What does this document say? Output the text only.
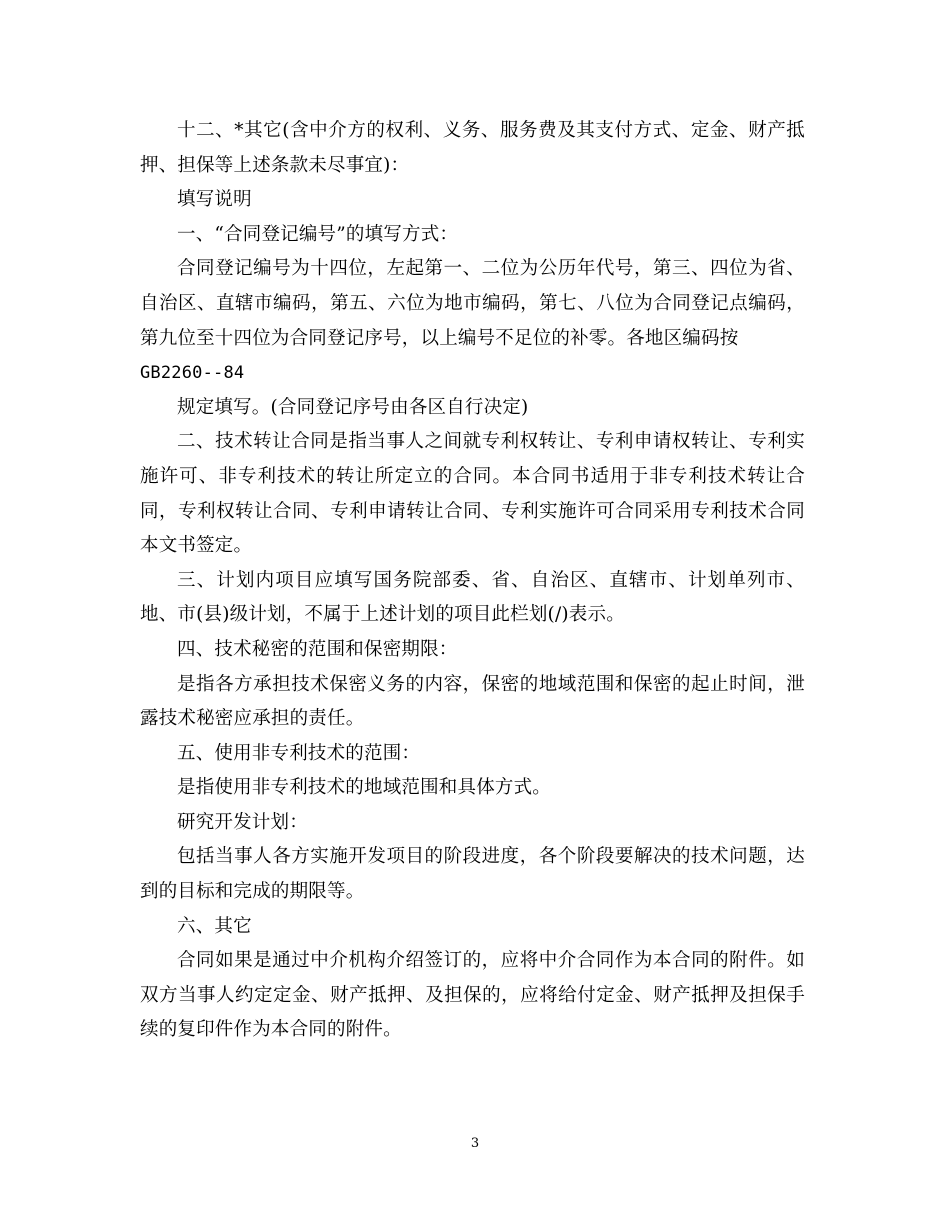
十二、*其它(含中介方的权利、义务、服务费及其支付方式、定金、财产抵押、担保等上述条款未尽事宜)：

填写说明

一、“合同登记编号”的填写方式：

合同登记编号为十四位，左起第一、二位为公历年代号，第三、四位为省、自治区、直辖市编码，第五、六位为地市编码，第七、八位为合同登记点编码，第九位至十四位为合同登记序号，以上编号不足位的补零。各地区编码按

GB2260--84

规定填写。(合同登记序号由各区自行决定)

二、技术转让合同是指当事人之间就专利权转让、专利申请权转让、专利实施许可、非专利技术的转让所定立的合同。本合同书适用于非专利技术转让合同，专利权转让合同、专利申请转让合同、专利实施许可合同采用专利技术合同本文书签定。

三、计划内项目应填写国务院部委、省、自治区、直辖市、计划单列市、地、市(县)级计划，不属于上述计划的项目此栏划(/)表示。

四、技术秘密的范围和保密期限：

是指各方承担技术保密义务的内容，保密的地域范围和保密的起止时间，泄露技术秘密应承担的责任。

五、使用非专利技术的范围：

是指使用非专利技术的地域范围和具体方式。

研究开发计划：

包括当事人各方实施开发项目的阶段进度，各个阶段要解决的技术问题，达到的目标和完成的期限等。

六、其它

合同如果是通过中介机构介绍签订的，应将中介合同作为本合同的附件。如双方当事人约定定金、财产抵押、及担保的，应将给付定金、财产抵押及担保手续的复印件作为本合同的附件。

3
